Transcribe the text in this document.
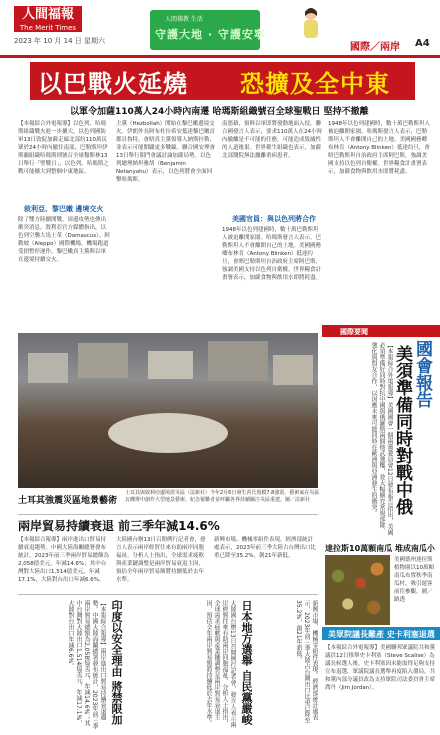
人間福報
The Merit Times
2023 年 10 月 14 日 星期六
人間佛教 生活
守護大地 · 守護安寧
國際／兩岸 A4
以巴戰火延燒 恐擴及全中東
以軍令加薩110萬人24小時內南遷 哈瑪斯組織號召全球聖戰日 堅持不撤離
【本報綜合外電報導】以色列、哈瑪斯組織戰火進一步擴大，以色列國防軍13日敦促加薩走廊北部約110萬民眾於24小時內撤往南部，巴勒斯坦伊斯蘭組織哈瑪斯則號召全球穆斯林13日舉行「聖戰日」，以色列、哈瑪斯之戰可能擴大到整個中東地區。
敘利亞、黎巴嫩 邊境交火
除了雙方陸續開戰，周邊攻勢也傳出衝突消息，敘利亞官方媒體指出，以色列空襲大馬士革（Damascus）、阿勒坡（Aleppo）國際機場，機場跑道受損暫停運作，黎巴嫩真主黨與以軍在邊境持續交火。
主黨（Hezbollah）開始在黎巴嫩邊境交火。伊朗外長阿布杜拉希安抵達黎巴嫩首都貝魯特，會晤真主黨領導人納斯拉勒，並表示可能開闢更多戰線。聯合國安理會13日舉行閉門會議討論加薩局勢。以色列總理納坦雅胡（Benjamin Netanyahu）表示，以色列將會全面回擊哈瑪斯。
南憑藉，預料以軍即將發動地面入侵。聯合國發言人表示，要求110萬人在24小時內撤離是不可能的任務，可能造成毀滅性的人道後果。世界衛生組織也表示，加薩北部醫院無法撤離重病患者。
美國官員：與以色列將合作
1948年以色列建國時，數十萬巴勒斯坦人被迫離開家園。哈瑪斯發言人表示，巴勒斯坦人不會離開自己的土地。美國國務卿布林肯（Antony Blinken）抵達約旦，會晤巴勒斯坦自治政府主席阿巴斯，強調美國支持以色列自衛權。世界糧食計畫署表示，加薩食物與飲用水即將耗盡。
1948年以色列建國時，數十萬巴勒斯坦人被迫離開家園。哈瑪斯發言人表示，巴勒斯坦人不會離開自己的土地。美國國務卿布林肯（Antony Blinken）抵達約旦，會晤巴勒斯坦自治政府主席阿巴斯，強調美國支持以色列自衛權。世界糧食計畫署表示，加薩食物與飲用水即將耗盡。
土耳其強震災區地景藝術
土耳其與敘利亞邊境震災區（法新社）今年2月6日發生芮氏規模7.8強震，藝術家在災區瓦礫堆中創作大型地景藝術，紀念罹難者並呼籲各界持續關注災區重建。圖／法新社
國際要聞
國會報告
美須準備同時對戰中俄
【本報綜合外電報導】美國國會一個兩黨委員會12日發布報告指出，美國必須準備好同時對抗中國與俄羅斯兩個核武強權，並大幅擴充常規部隊、強化與盟友合作，以因應未來可能同時在歐洲與亞洲發生的衝突。
達拉斯10萬顆南瓜 堆成南瓜小
美國德州達拉斯植物園以10萬顆南瓜布置秋季南瓜村，吸引遊客前往參觀。圖／路透
美眾院議長難產 史卡利塞退選
【本報綜合外電報導】美國聯邦眾議院共和黨議員12日推舉史卡利塞（Steve Scalise）為議長候選人後，史卡利塞因未能取得足夠支持宣布退選，眾議院議長選舉再度陷入僵局。共和黨內部分議員改為支持眾院司法委員會主席喬丹（Jim Jordan）。
兩岸貿易持續衰退 前三季年減14.6%
【本報綜合報導】兩岸進出口貿易持續衰退趨勢。中國大陸海關總署發布統計，2023年前三季兩岸貿易總額為2,058億美元，年減14.6%；其中台灣對大陸出口1,514億美元，年減17.1%，大陸對台出口年減6.6%。
大陸國台辦13日召開例行記者會，發言人表示兩岸經貿往來有助兩岸同胞福祉。分析人士指出，全球需求疲軟與產業鏈調整是兩岸貿易衰退主因，預估全年兩岸貿易額將持續低於去年水準。
新興市場、機械零組件表現。經濟部統計處表示，2023年前三季大陸占台灣出口比重已降至35.2%，創21年新低。
【本報綜合報導】兩岸進出口貿易持續衰退趨勢。中國大陸海關總署發布統計，2023年前三季兩岸貿易總額為2,058億美元，年減14.6%；其中台灣對大陸出口1,514億美元，年減17.1%，大陸對台出口年減6.6%。	印度以安全理由 將禁限加	大陸國台辦13日召開例行記者會，發言人表示兩岸經貿往來有助兩岸同胞福祉。分析人士指出，全球需求疲軟與產業鏈調整是兩岸貿易衰退主因，預估全年兩岸貿易額將持續低於去年水準。	日本地方選舉 自民黨嚴峻	新興市場、機械零組件表現。經濟部統計處表示，2023年前三季大陸占台灣出口比重已降至35.2%，創21年新低。
